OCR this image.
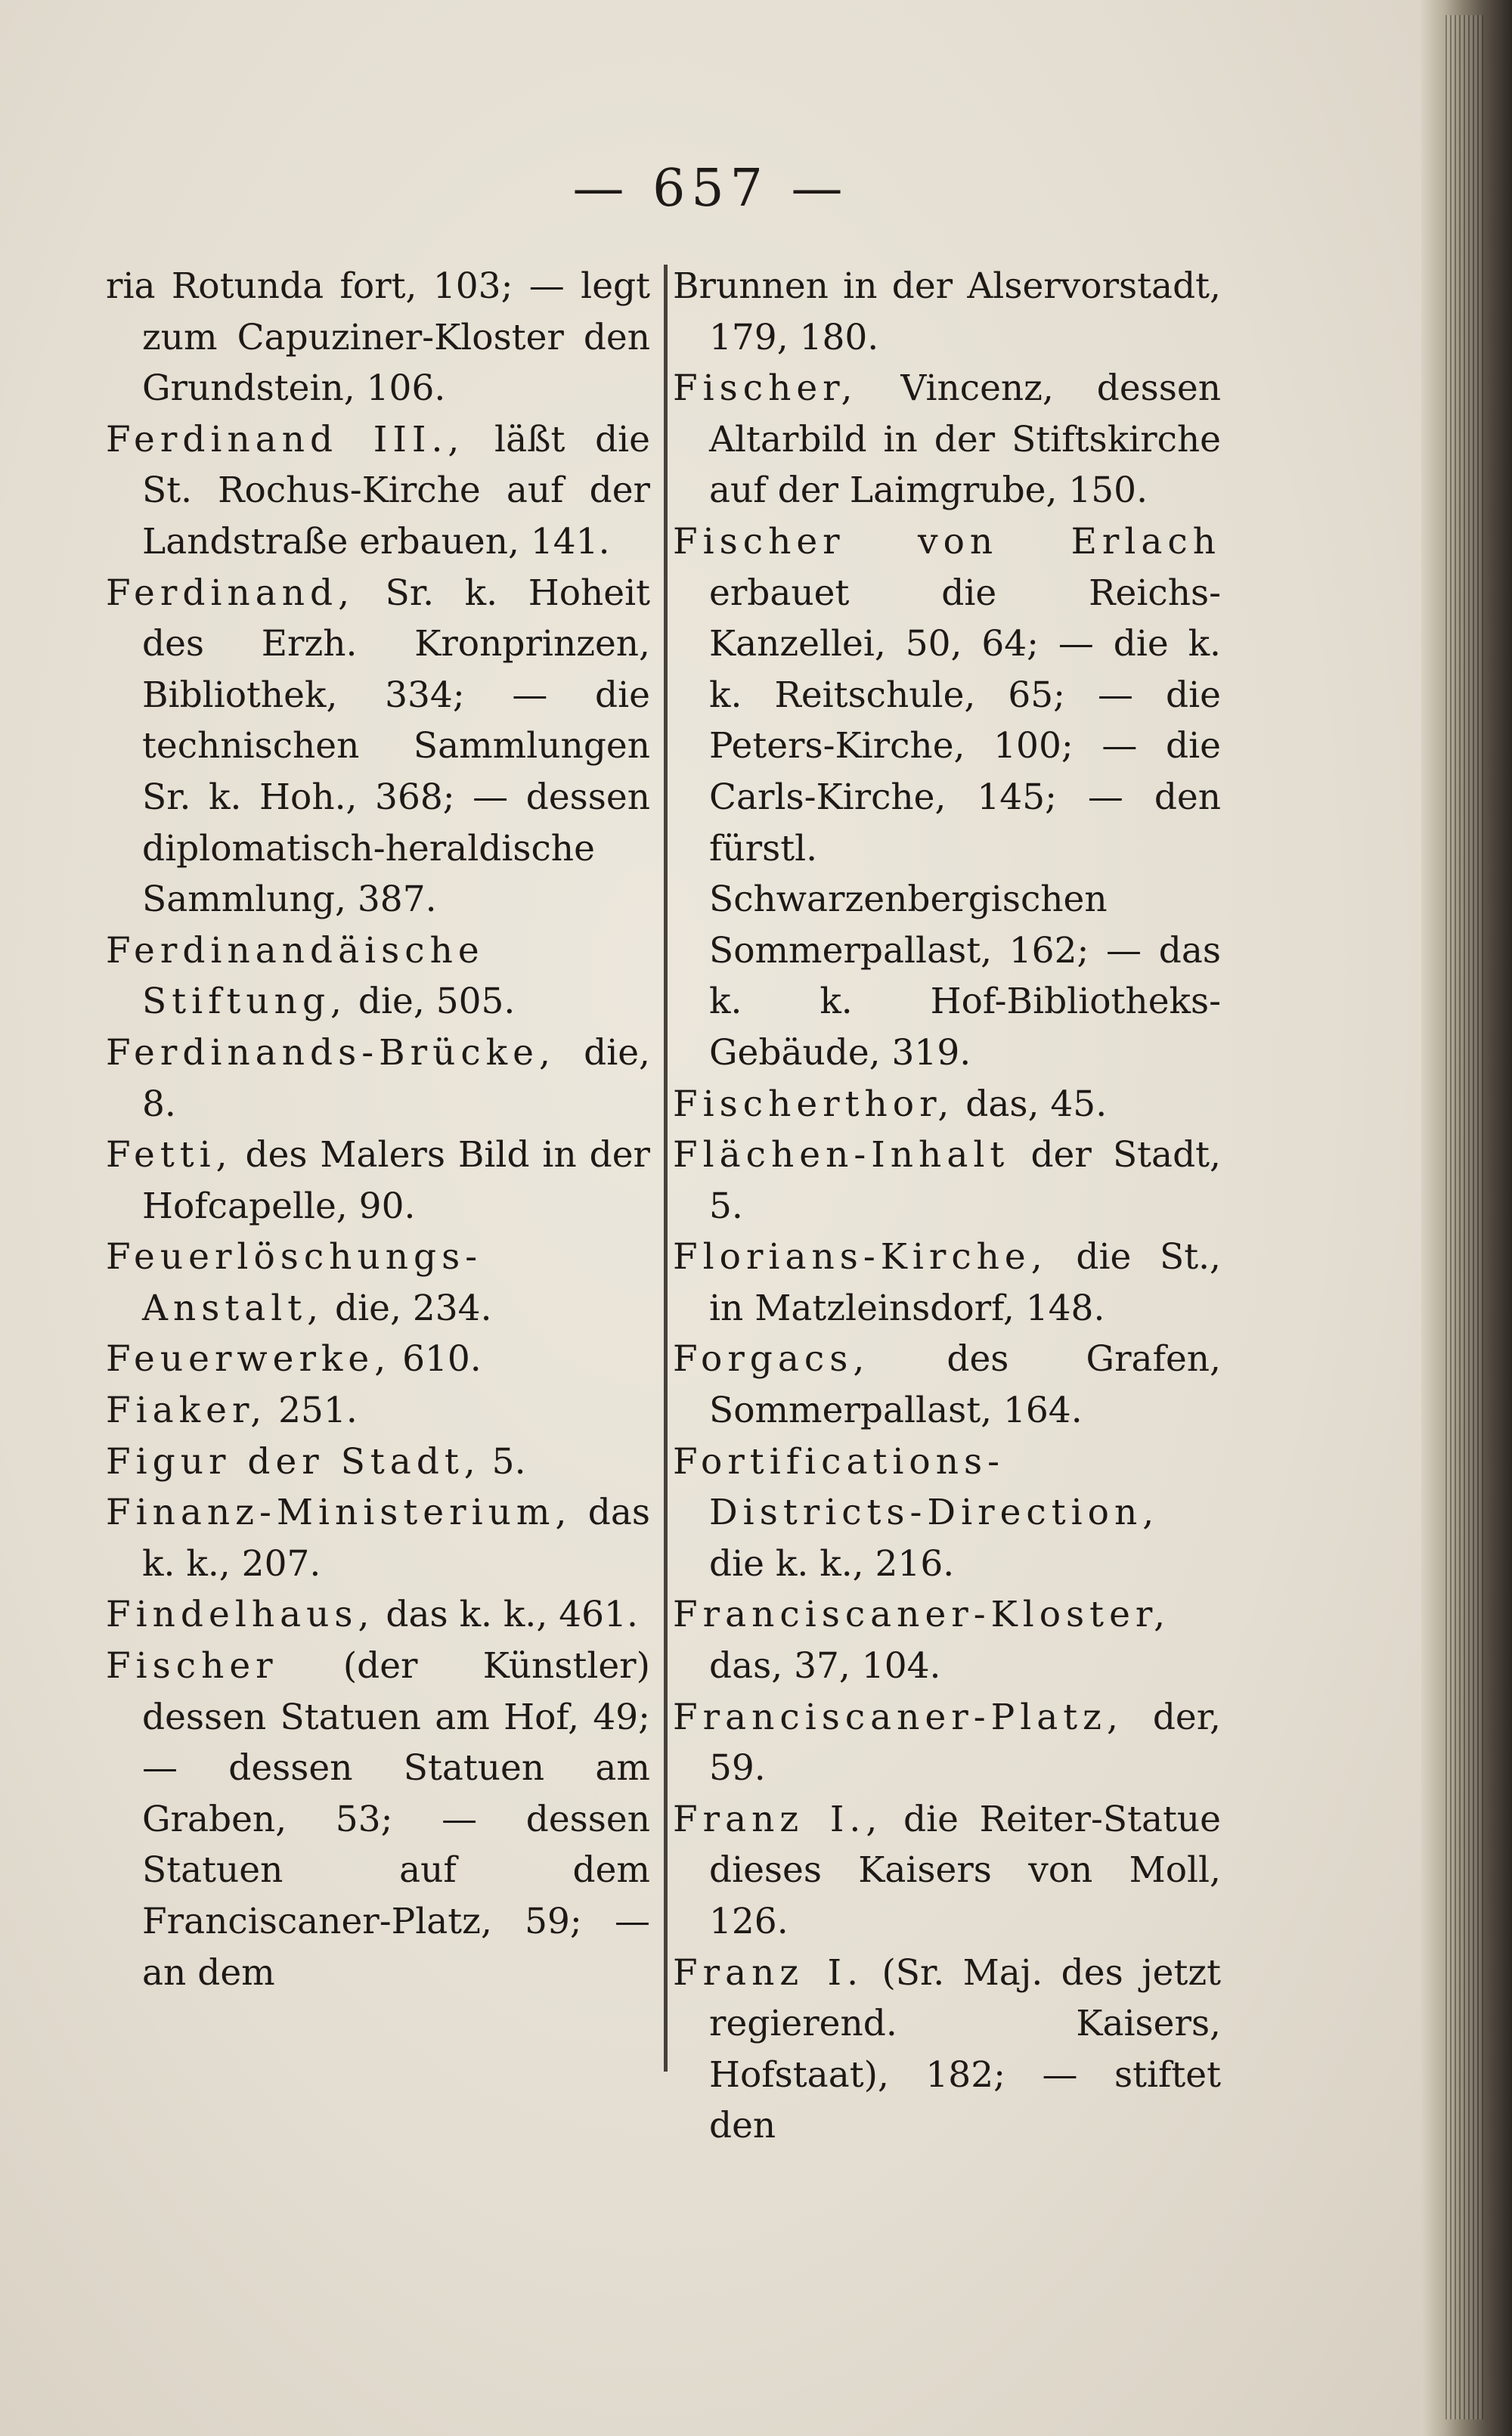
— 657 —

ria Rotunda fort, 103; — legt zum Capuziner-Kloster den Grundstein, 106.

Ferdinand III., läßt die St. Rochus-Kirche auf der Landstraße erbauen, 141.

Ferdinand, Sr. k. Hoheit des Erzh. Kronprinzen, Bibliothek, 334; — die technischen Sammlungen Sr. k. Hoh., 368; — dessen diplomatisch-heraldische Sammlung, 387.

Ferdinandäische Stiftung, die, 505.

Ferdinands-Brücke, die, 8.

Fetti, des Malers Bild in der Hofcapelle, 90.

Feuerlöschungs-Anstalt, die, 234.

Feuerwerke, 610.

Fiaker, 251.

Figur der Stadt, 5.

Finanz-Ministerium, das k. k., 207.

Findelhaus, das k. k., 461.

Fischer (der Künstler) dessen Statuen am Hof, 49; — dessen Statuen am Graben, 53; — dessen Statuen auf dem Franciscaner-Platz, 59; — an dem

Brunnen in der Alservorstadt, 179, 180.

Fischer, Vincenz, dessen Altarbild in der Stiftskirche auf der Laimgrube, 150.

Fischer von Erlach erbauet die Reichs-Kanzellei, 50, 64; — die k. k. Reitschule, 65; — die Peters-Kirche, 100; — die Carls-Kirche, 145; — den fürstl. Schwarzenbergischen Sommerpallast, 162; — das k. k. Hof-Bibliotheks-Gebäude, 319.

Fischerthor, das, 45.

Flächen-Inhalt der Stadt, 5.

Florians-Kirche, die St., in Matzleinsdorf, 148.

Forgacs, des Grafen, Sommerpallast, 164.

Fortifications-Districts-Direction, die k. k., 216.

Franciscaner-Kloster, das, 37, 104.

Franciscaner-Platz, der, 59.

Franz I., die Reiter-Statue dieses Kaisers von Moll, 126.

Franz I. (Sr. Maj. des jetzt regierend. Kaisers, Hofstaat), 182; — stiftet den
